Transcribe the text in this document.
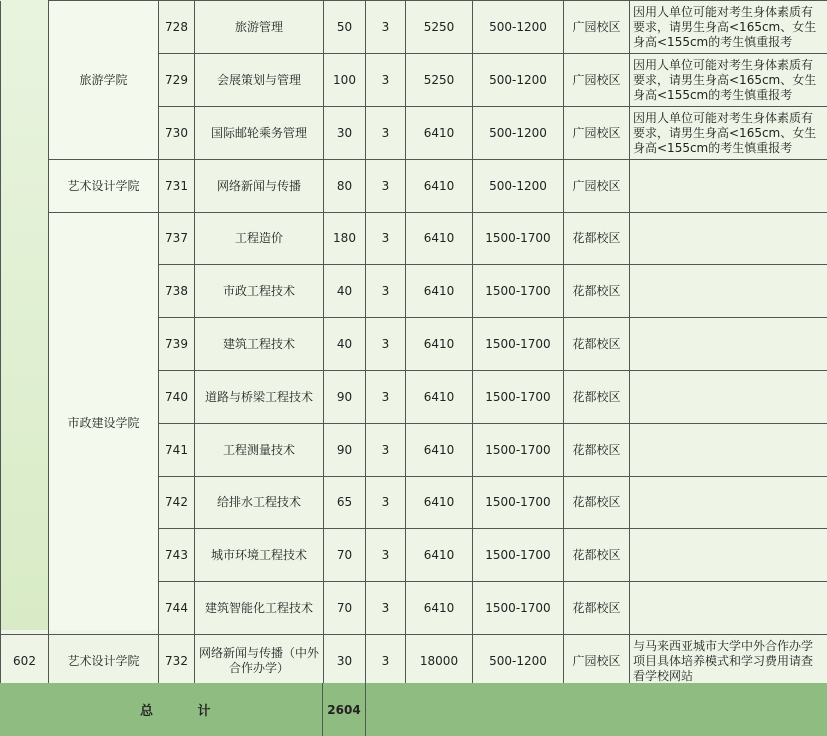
	旅游学院	728	旅游管理	50	3	5250	500-1200	广园校区	因用人单位可能对考生身体素质有要求，请男生身高<165cm、女生身高<155cm的考生慎重报考
		729	会展策划与管理	100	3	5250	500-1200	广园校区	因用人单位可能对考生身体素质有要求，请男生身高<165cm、女生身高<155cm的考生慎重报考
		730	国际邮轮乘务管理	30	3	6410	500-1200	广园校区	因用人单位可能对考生身体素质有要求，请男生身高<165cm、女生身高<155cm的考生慎重报考
	艺术设计学院	731	网络新闻与传播	80	3	6410	500-1200	广园校区	
	市政建设学院	737	工程造价	180	3	6410	1500-1700	花都校区	
		738	市政工程技术	40	3	6410	1500-1700	花都校区	
		739	建筑工程技术	40	3	6410	1500-1700	花都校区	
		740	道路与桥梁工程技术	90	3	6410	1500-1700	花都校区	
		741	工程测量技术	90	3	6410	1500-1700	花都校区	
		742	给排水工程技术	65	3	6410	1500-1700	花都校区	
		743	城市环境工程技术	70	3	6410	1500-1700	花都校区	
		744	建筑智能化工程技术	70	3	6410	1500-1700	花都校区	
602	艺术设计学院	732	网络新闻与传播（中外合作办学）	30	3	18000	500-1200	广园校区	与马来西亚城市大学中外合作办学项目具体培养模式和学习费用请查看学校网站
总 计	2604
